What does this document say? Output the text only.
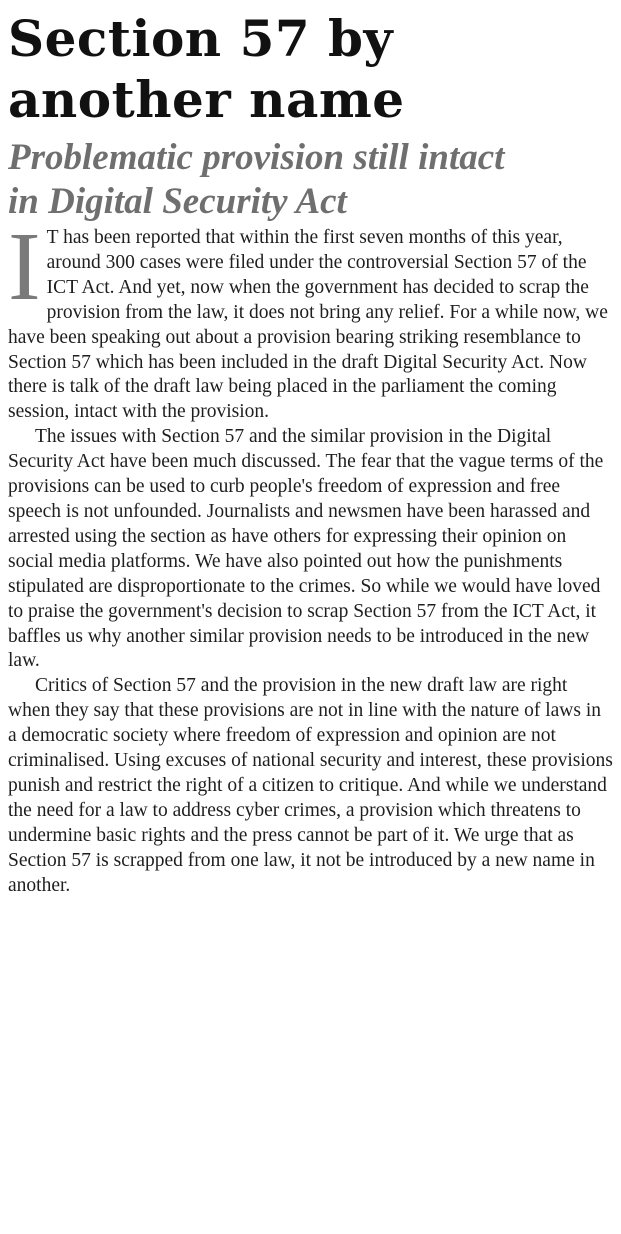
Section 57 by
another name
Problematic provision still intact
in Digital Security Act

I T has been reported that within the first seven months of this year, around 300 cases were filed under the controversial Section 57 of the ICT Act. And yet, now when the government has decided to scrap the provision from the law, it does not bring any relief. For a while now, we have been speaking out about a provision bearing striking resemblance to Section 57 which has been included in the draft Digital Security Act. Now there is talk of the draft law being placed in the parliament the coming session, intact with the provision.

The issues with Section 57 and the similar provision in the Digital Security Act have been much discussed. The fear that the vague terms of the provisions can be used to curb people's freedom of expression and free speech is not unfounded. Journalists and newsmen have been harassed and arrested using the section as have others for expressing their opinion on social media platforms. We have also pointed out how the punishments stipulated are disproportionate to the crimes. So while we would have loved to praise the government's decision to scrap Section 57 from the ICT Act, it baffles us why another similar provision needs to be introduced in the new law.

Critics of Section 57 and the provision in the new draft law are right when they say that these provisions are not in line with the nature of laws in a democratic society where freedom of expression and opinion are not criminalised. Using excuses of national security and interest, these provisions punish and restrict the right of a citizen to critique. And while we understand the need for a law to address cyber crimes, a provision which threatens to undermine basic rights and the press cannot be part of it. We urge that as Section 57 is scrapped from one law, it not be introduced by a new name in another.
